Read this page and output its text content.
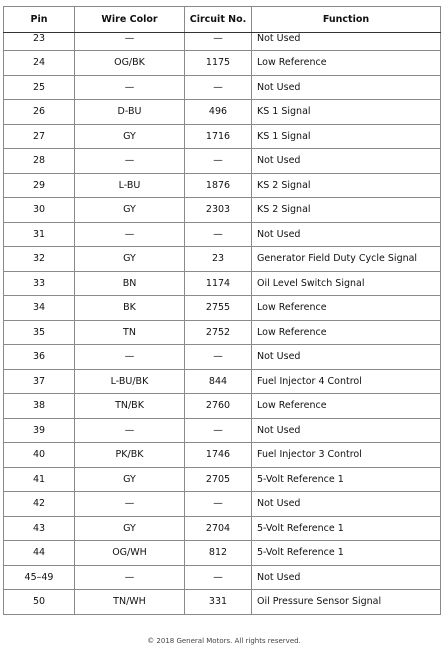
Pin	Wire Color	Circuit No.	Function
23	—	—	Not Used
24	OG/BK	1175	Low Reference
25	—	—	Not Used
26	D-BU	496	KS 1 Signal
27	GY	1716	KS 1 Signal
28	—	—	Not Used
29	L-BU	1876	KS 2 Signal
30	GY	2303	KS 2 Signal
31	—	—	Not Used
32	GY	23	Generator Field Duty Cycle Signal
33	BN	1174	Oil Level Switch Signal
34	BK	2755	Low Reference
35	TN	2752	Low Reference
36	—	—	Not Used
37	L-BU/BK	844	Fuel Injector 4 Control
38	TN/BK	2760	Low Reference
39	—	—	Not Used
40	PK/BK	1746	Fuel Injector 3 Control
41	GY	2705	5-Volt Reference 1
42	—	—	Not Used
43	GY	2704	5-Volt Reference 1
44	OG/WH	812	5-Volt Reference 1
45–49	—	—	Not Used
50	TN/WH	331	Oil Pressure Sensor Signal
© 2018 General Motors. All rights reserved.
